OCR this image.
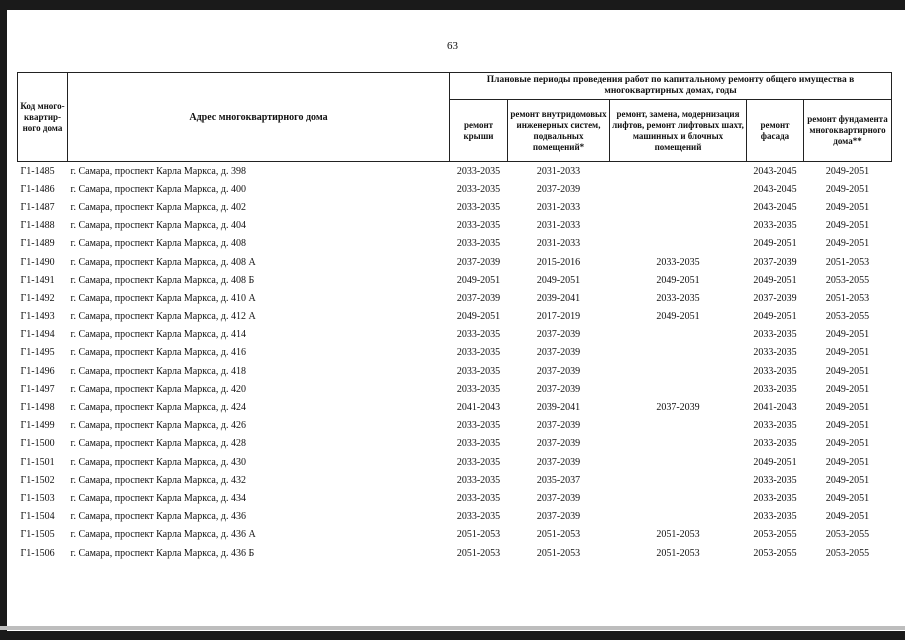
63
Код много-квартир-ного дома	Адрес многоквартирного дома	Плановые периоды проведения работ по капитальному ремонту общего имущества в многоквартирных домах, годы				
		ремонт крыши	ремонт внутридомовых инженерных систем, подвальных помещений*	ремонт, замена, модернизация лифтов, ремонт лифтовых шахт, машинных и блочных помещений	ремонт фасада	ремонт фундамента многоквартирного дома**
Г1-1485	г. Самара, проспект Карла Маркса, д. 398	2033-2035	2031-2033		2043-2045	2049-2051
Г1-1486	г. Самара, проспект Карла Маркса, д. 400	2033-2035	2037-2039		2043-2045	2049-2051
Г1-1487	г. Самара, проспект Карла Маркса, д. 402	2033-2035	2031-2033		2043-2045	2049-2051
Г1-1488	г. Самара, проспект Карла Маркса, д. 404	2033-2035	2031-2033		2033-2035	2049-2051
Г1-1489	г. Самара, проспект Карла Маркса, д. 408	2033-2035	2031-2033		2049-2051	2049-2051
Г1-1490	г. Самара, проспект Карла Маркса, д. 408 А	2037-2039	2015-2016	2033-2035	2037-2039	2051-2053
Г1-1491	г. Самара, проспект Карла Маркса, д. 408 Б	2049-2051	2049-2051	2049-2051	2049-2051	2053-2055
Г1-1492	г. Самара, проспект Карла Маркса, д. 410 А	2037-2039	2039-2041	2033-2035	2037-2039	2051-2053
Г1-1493	г. Самара, проспект Карла Маркса, д. 412 А	2049-2051	2017-2019	2049-2051	2049-2051	2053-2055
Г1-1494	г. Самара, проспект Карла Маркса, д. 414	2033-2035	2037-2039		2033-2035	2049-2051
Г1-1495	г. Самара, проспект Карла Маркса, д. 416	2033-2035	2037-2039		2033-2035	2049-2051
Г1-1496	г. Самара, проспект Карла Маркса, д. 418	2033-2035	2037-2039		2033-2035	2049-2051
Г1-1497	г. Самара, проспект Карла Маркса, д. 420	2033-2035	2037-2039		2033-2035	2049-2051
Г1-1498	г. Самара, проспект Карла Маркса, д. 424	2041-2043	2039-2041	2037-2039	2041-2043	2049-2051
Г1-1499	г. Самара, проспект Карла Маркса, д. 426	2033-2035	2037-2039		2033-2035	2049-2051
Г1-1500	г. Самара, проспект Карла Маркса, д. 428	2033-2035	2037-2039		2033-2035	2049-2051
Г1-1501	г. Самара, проспект Карла Маркса, д. 430	2033-2035	2037-2039		2049-2051	2049-2051
Г1-1502	г. Самара, проспект Карла Маркса, д. 432	2033-2035	2035-2037		2033-2035	2049-2051
Г1-1503	г. Самара, проспект Карла Маркса, д. 434	2033-2035	2037-2039		2033-2035	2049-2051
Г1-1504	г. Самара, проспект Карла Маркса, д. 436	2033-2035	2037-2039		2033-2035	2049-2051
Г1-1505	г. Самара, проспект Карла Маркса, д. 436 А	2051-2053	2051-2053	2051-2053	2053-2055	2053-2055
Г1-1506	г. Самара, проспект Карла Маркса, д. 436 Б	2051-2053	2051-2053	2051-2053	2053-2055	2053-2055
